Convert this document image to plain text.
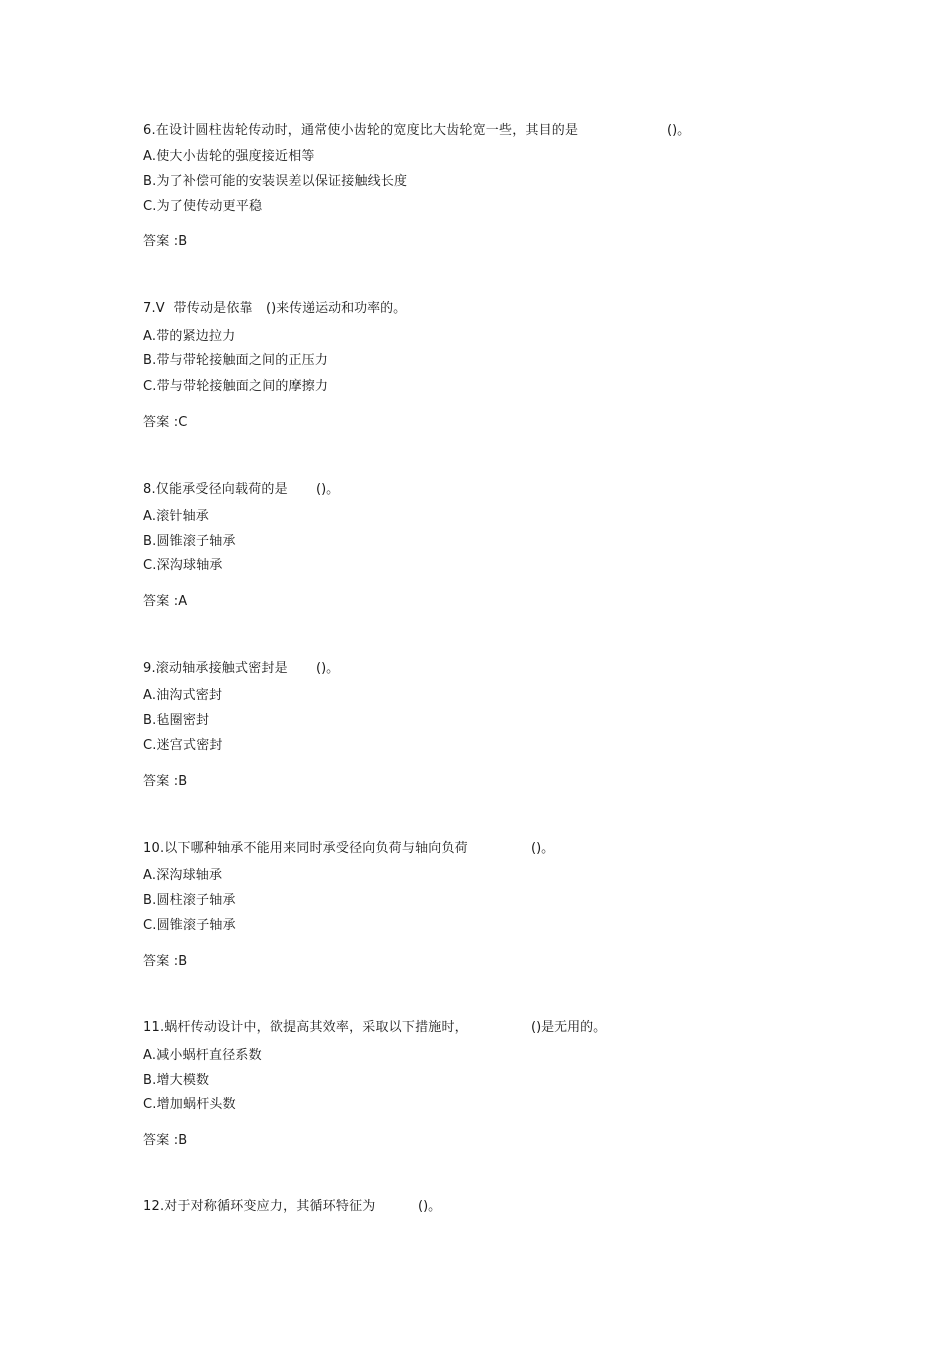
6.在设计圆柱齿轮传动时，通常使小齿轮的宽度比大齿轮宽一些，其目的是	()。
A.使大小齿轮的强度接近相等
B.为了补偿可能的安装误差以保证接触线长度
C.为了使传动更平稳
答案 :B
7.V  带传动是依靠 ()来传递运动和功率的。
A.带的紧边拉力
B.带与带轮接触面之间的正压力
C.带与带轮接触面之间的摩擦力
答案 :C
8.仅能承受径向载荷的是 ()。
A.滚针轴承
B.圆锥滚子轴承
C.深沟球轴承
答案 :A
9.滚动轴承接触式密封是 ()。
A.油沟式密封
B.毡圈密封
C.迷宫式密封
答案 :B
10.以下哪种轴承不能用来同时承受径向负荷与轴向负荷	()。
A.深沟球轴承
B.圆柱滚子轴承
C.圆锥滚子轴承
答案 :B
11.蜗杆传动设计中，欲提高其效率，采取以下措施时，	()是无用的。
A.减小蜗杆直径系数
B.增大模数
C.增加蜗杆头数
答案 :B
12.对于对称循环变应力，其循环特征为	()。
